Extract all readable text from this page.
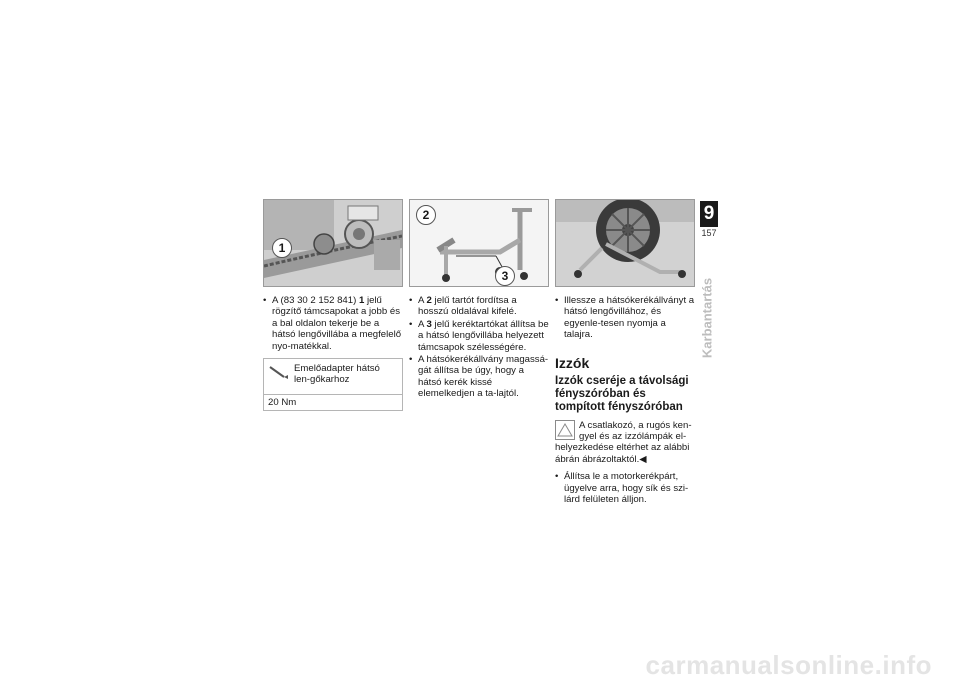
1
• A (83 30 2 152 841) 1 jelű rögzítő támcsapokat a jobb és a bal oldalon tekerje be a hátsó lengővillába a megfelelő nyo-matékkal.
Emelőadapter hátsó len-gőkarhoz
20 Nm
2
3
• A 2 jelű tartót fordítsa a hosszú oldalával kifelé.
• A 3 jelű keréktartókat állítsa be a hátsó lengővillába helyezett támcsapok szélességére.
• A hátsókerékállvány magassá-gát állítsa be úgy, hogy a hátsó kerék kissé elemelkedjen a ta-lajtól.
• Illessze a hátsókerékállványt a hátsó lengővillához, és egyenle-tesen nyomja a talajra.
Izzók
Izzók cseréje a távolsági fényszóróban és tompított fényszóróban
A csatlakozó, a rugós ken-gyel és az izzólámpák el-helyezkedése eltérhet az alábbi ábrán ábrázoltaktól.◀
• Állítsa le a motorkerékpárt, ügyelve arra, hogy sík és szi-lárd felületen álljon.
9
157
Karbantartás
carmanualsonline.info
